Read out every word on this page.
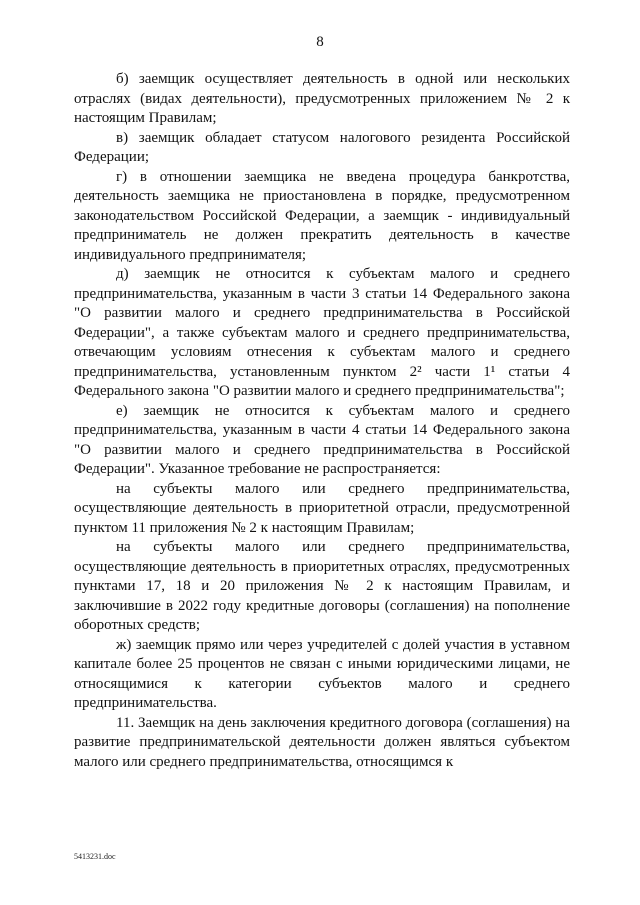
8

б) заемщик осуществляет деятельность в одной или нескольких отраслях (видах деятельности), предусмотренных приложением № 2 к настоящим Правилам;

в) заемщик обладает статусом налогового резидента Российской Федерации;

г) в отношении заемщика не введена процедура банкротства, деятельность заемщика не приостановлена в порядке, предусмотренном законодательством Российской Федерации, а заемщик - индивидуальный предприниматель не должен прекратить деятельность в качестве индивидуального предпринимателя;

д) заемщик не относится к субъектам малого и среднего предпринимательства, указанным в части 3 статьи 14 Федерального закона "О развитии малого и среднего предпринимательства в Российской Федерации", а также субъектам малого и среднего предпринимательства, отвечающим условиям отнесения к субъектам малого и среднего предпринимательства, установленным пунктом 2² части 1¹ статьи 4 Федерального закона "О развитии малого и среднего предпринимательства";

е) заемщик не относится к субъектам малого и среднего предпринимательства, указанным в части 4 статьи 14 Федерального закона "О развитии малого и среднего предпринимательства в Российской Федерации". Указанное требование не распространяется:

на субъекты малого или среднего предпринимательства, осуществляющие деятельность в приоритетной отрасли, предусмотренной пунктом 11 приложения № 2 к настоящим Правилам;

на субъекты малого или среднего предпринимательства, осуществляющие деятельность в приоритетных отраслях, предусмотренных пунктами 17, 18 и 20 приложения № 2 к настоящим Правилам, и заключившие в 2022 году кредитные договоры (соглашения) на пополнение оборотных средств;

ж) заемщик прямо или через учредителей с долей участия в уставном капитале более 25 процентов не связан с иными юридическими лицами, не относящимися к категории субъектов малого и среднего предпринимательства.

11. Заемщик на день заключения кредитного договора (соглашения) на развитие предпринимательской деятельности должен являться субъектом малого или среднего предпринимательства, относящимся к

5413231.doc
